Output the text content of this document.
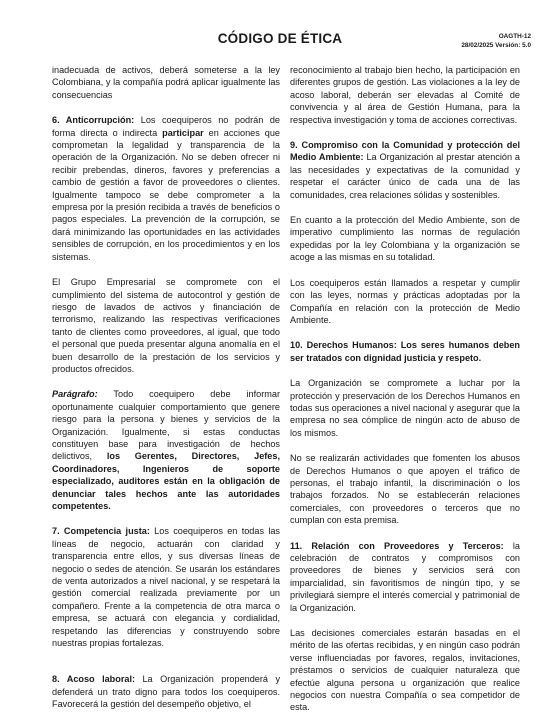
CÓDIGO DE ÉTICA	OAGTH-12
28/02/2025 Versión: 5.0

inadecuada de activos, deberá someterse a la ley Colombiana, y la compañía podrá aplicar igualmente las consecuencias

6. Anticorrupción: Los coequiperos no podrán de forma directa o indirecta participar en acciones que comprometan la legalidad y transparencia de la operación de la Organización. No se deben ofrecer ni recibir prebendas, dineros, favores y preferencias a cambio de gestión a favor de proveedores o clientes. Igualmente tampoco se debe comprometer a la empresa por la presión recibida a través de beneficios o pagos especiales. La prevención de la corrupción, se dará minimizando las oportunidades en las actividades sensibles de corrupción, en los procedimientos y en los sistemas.

El Grupo Empresarial se compromete con el cumplimiento del sistema de autocontrol y gestión de riesgo de lavados de activos y financiación de terrorismo, realizando las respectivas verificaciones tanto de clientes como proveedores, al igual, que todo el personal que pueda presentar alguna anomalía en el buen desarrollo de la prestación de los servicios y productos ofrecidos.

Parágrafo: Todo coequipero debe informar oportunamente cualquier comportamiento que genere riesgo para la persona y bienes y servicios de la Organización. Igualmente, si estas conductas constituyen base para investigación de hechos delictivos, los Gerentes, Directores, Jefes, Coordinadores, Ingenieros de soporte especializado, auditores están en la obligación de denunciar tales hechos ante las autoridades competentes.

7. Competencia justa: Los coequiperos en todas las líneas de negocio, actuarán con claridad y transparencia entre ellos, y sus diversas líneas de negocio o sedes de atención. Se usarán los estándares de venta autorizados a nivel nacional, y se respetará la gestión comercial realizada previamente por un compañero. Frente a la competencia de otra marca o empresa, se actuará con elegancia y cordialidad, respetando las diferencias y construyendo sobre nuestras propias fortalezas.

8. Acoso laboral: La Organización propenderá y defenderá un trato digno para todos los coequiperos. Favorecerá la gestión del desempeño objetivo, el

reconocimiento al trabajo bien hecho, la participación en diferentes grupos de gestión. Las violaciones a la ley de acoso laboral, deberán ser elevadas al Comité de convivencia y al área de Gestión Humana, para la respectiva investigación y toma de acciones correctivas.

9. Compromiso con la Comunidad y protección del Medio Ambiente: La Organización al prestar atención a las necesidades y expectativas de la comunidad y respetar el carácter único de cada una de las comunidades, crea relaciones sólidas y sostenibles.

En cuanto a la protección del Medio Ambiente, son de imperativo cumplimiento las normas de regulación expedidas por la ley Colombiana y la organización se acoge a las mismas en su totalidad.

Los coequiperos están llamados a respetar y cumplir con las leyes, normas y prácticas adoptadas por la Compañía en relación con la protección de Medio Ambiente.

10. Derechos Humanos: Los seres humanos deben ser tratados con dignidad justicia y respeto.

La Organización se compromete a luchar por la protección y preservación de los Derechos Humanos en todas sus operaciones a nivel nacional y asegurar que la empresa no sea cómplice de ningún acto de abuso de los mismos.

No se realizarán actividades que fomenten los abusos de Derechos Humanos o que apoyen el tráfico de personas, el trabajo infantil, la discriminación o los trabajos forzados. No se establecerán relaciones comerciales, con proveedores o terceros que no cumplan con esta premisa.

11. Relación con Proveedores y Terceros: la celebración de contratos y compromisos con proveedores de bienes y servicios será con imparcialidad, sin favoritismos de ningún tipo, y se privilegiará siempre el interés comercial y patrimonial de la Organización.

Las decisiones comerciales estarán basadas en el mérito de las ofertas recibidas, y en ningún caso podrán verse influenciadas por favores, regalos, invitaciones, préstamos o servicios de cualquier naturaleza que efectúe alguna persona u organización que realice negocios con nuestra Compañía o sea competidor de esta.
